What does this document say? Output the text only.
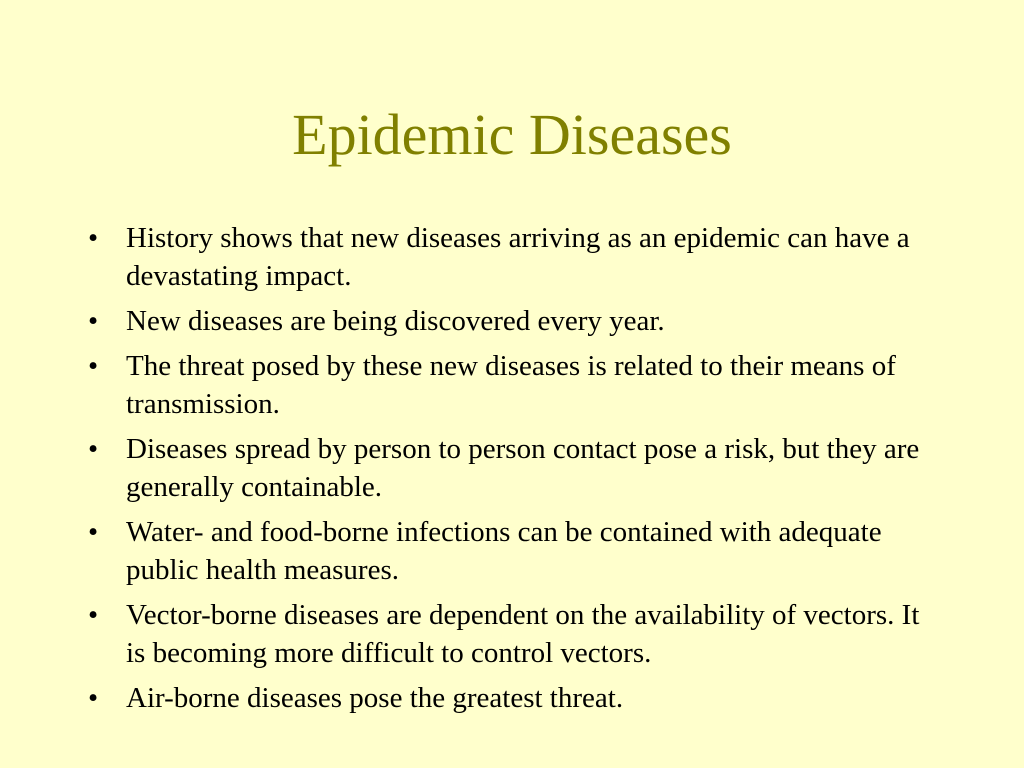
Epidemic Diseases
• History shows that new diseases arriving as an epidemic can have a devastating impact.
• New diseases are being discovered every year.
• The threat posed by these new diseases is related to their means of transmission.
• Diseases spread by person to person contact pose a risk, but they are generally containable.
• Water- and food-borne infections can be contained with adequate public health measures.
• Vector-borne diseases are dependent on the availability of vectors. It is becoming more difficult to control vectors.
• Air-borne diseases pose the greatest threat.
